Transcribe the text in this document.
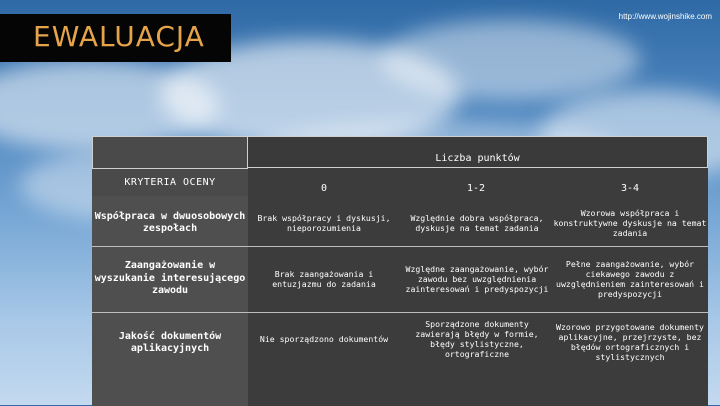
EWALUACJA
http://www.wojinshike.com
KRYTERIA OCENY
Liczba punktów
0	1-2	3-4
Współpraca w dwuosobowych zespołach
Brak współpracy i dyskusji, nieporozumienia
Względnie dobra współpraca, dyskusje na temat zadania
Wzorowa współpraca i konstruktywne dyskusje na temat zadania
Zaangażowanie w wyszukanie interesującego zawodu
Brak zaangażowania i entuzjazmu do zadania
Względne zaangażowanie, wybór zawodu bez uwzględnienia zainteresowań i predyspozycji
Pełne zaangażowanie, wybór ciekawego zawodu z uwzględnieniem zainteresowań i predyspozycji
Jakość dokumentów aplikacyjnych
Nie sporządzono dokumentów
Sporządzone dokumenty zawierają błędy w formie, błędy stylistyczne, ortograficzne
Wzorowo przygotowane dokumenty aplikacyjne, przejrzyste, bez błędów ortograficznych i stylistycznych
